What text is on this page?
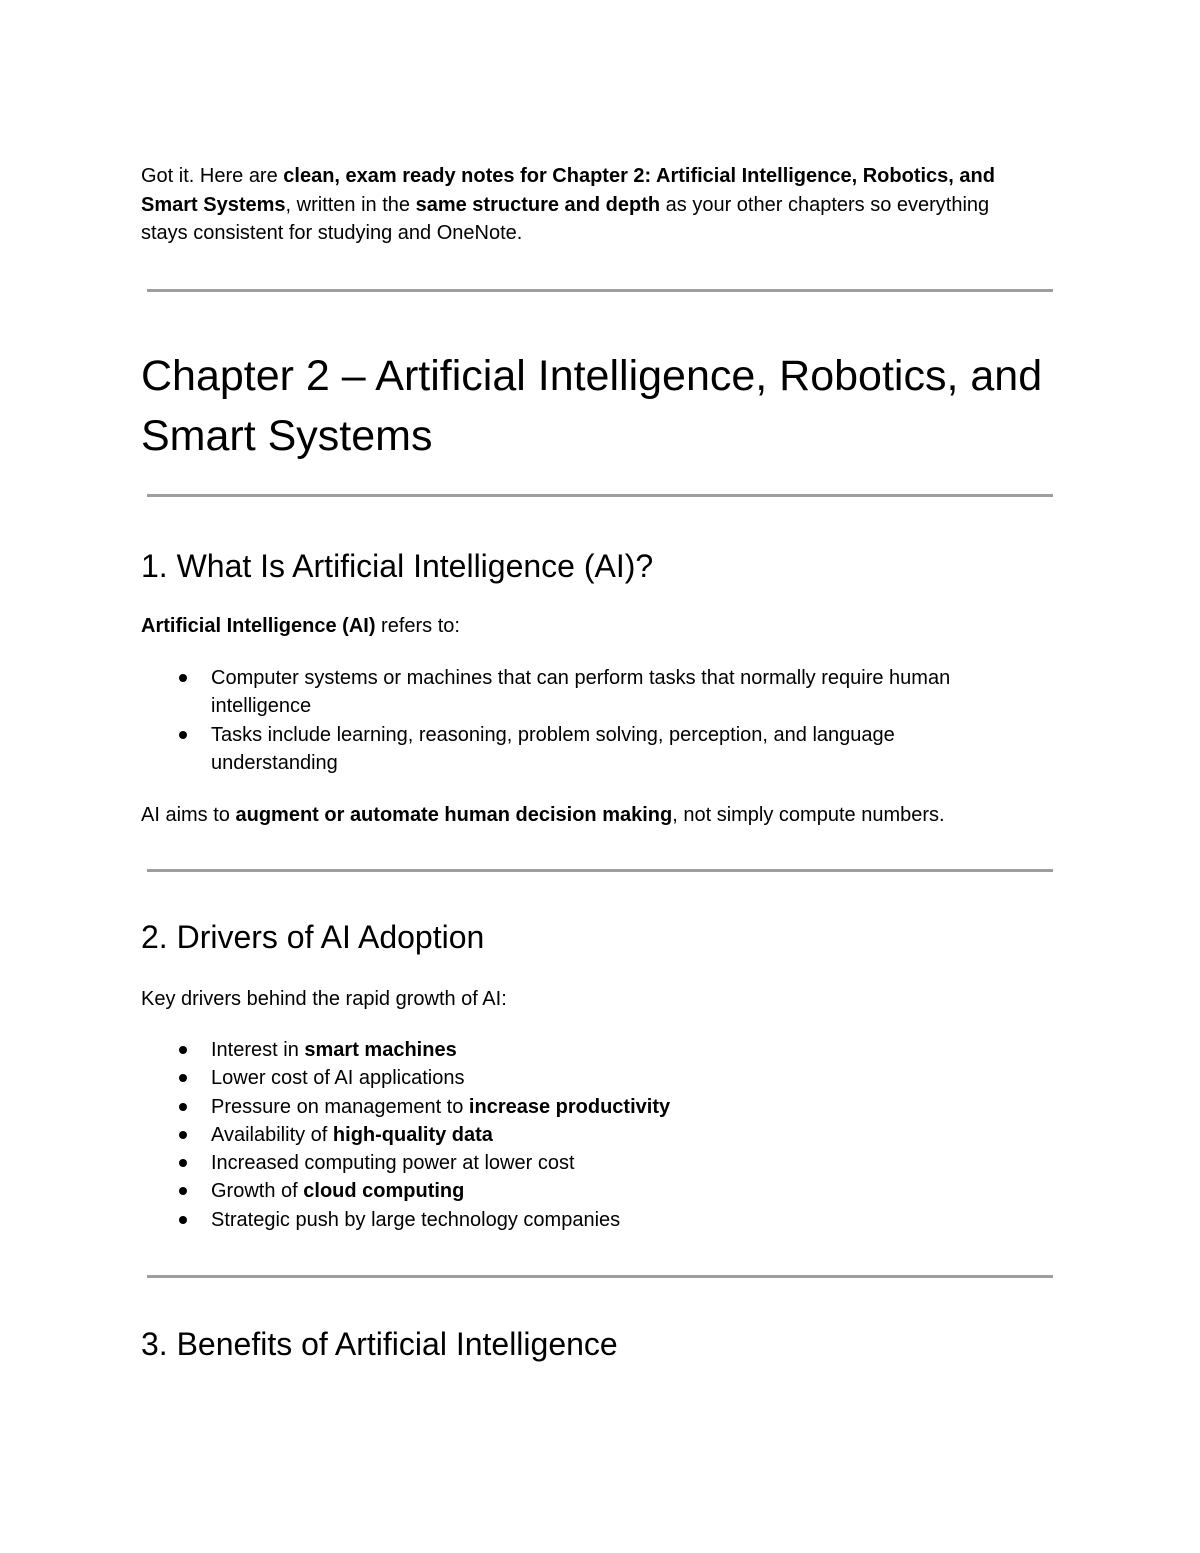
Got it. Here are clean, exam ready notes for Chapter 2: Artificial Intelligence, Robotics, and Smart Systems, written in the same structure and depth as your other chapters so everything stays consistent for studying and OneNote.

Chapter 2 – Artificial Intelligence, Robotics, and Smart Systems
1. What Is Artificial Intelligence (AI)?

Artificial Intelligence (AI) refers to:

Computer systems or machines that can perform tasks that normally require human intelligence
Tasks include learning, reasoning, problem solving, perception, and language understanding

AI aims to augment or automate human decision making, not simply compute numbers.

2. Drivers of AI Adoption

Key drivers behind the rapid growth of AI:

Interest in smart machines
Lower cost of AI applications
Pressure on management to increase productivity
Availability of high-quality data
Increased computing power at lower cost
Growth of cloud computing
Strategic push by large technology companies
3. Benefits of Artificial Intelligence
